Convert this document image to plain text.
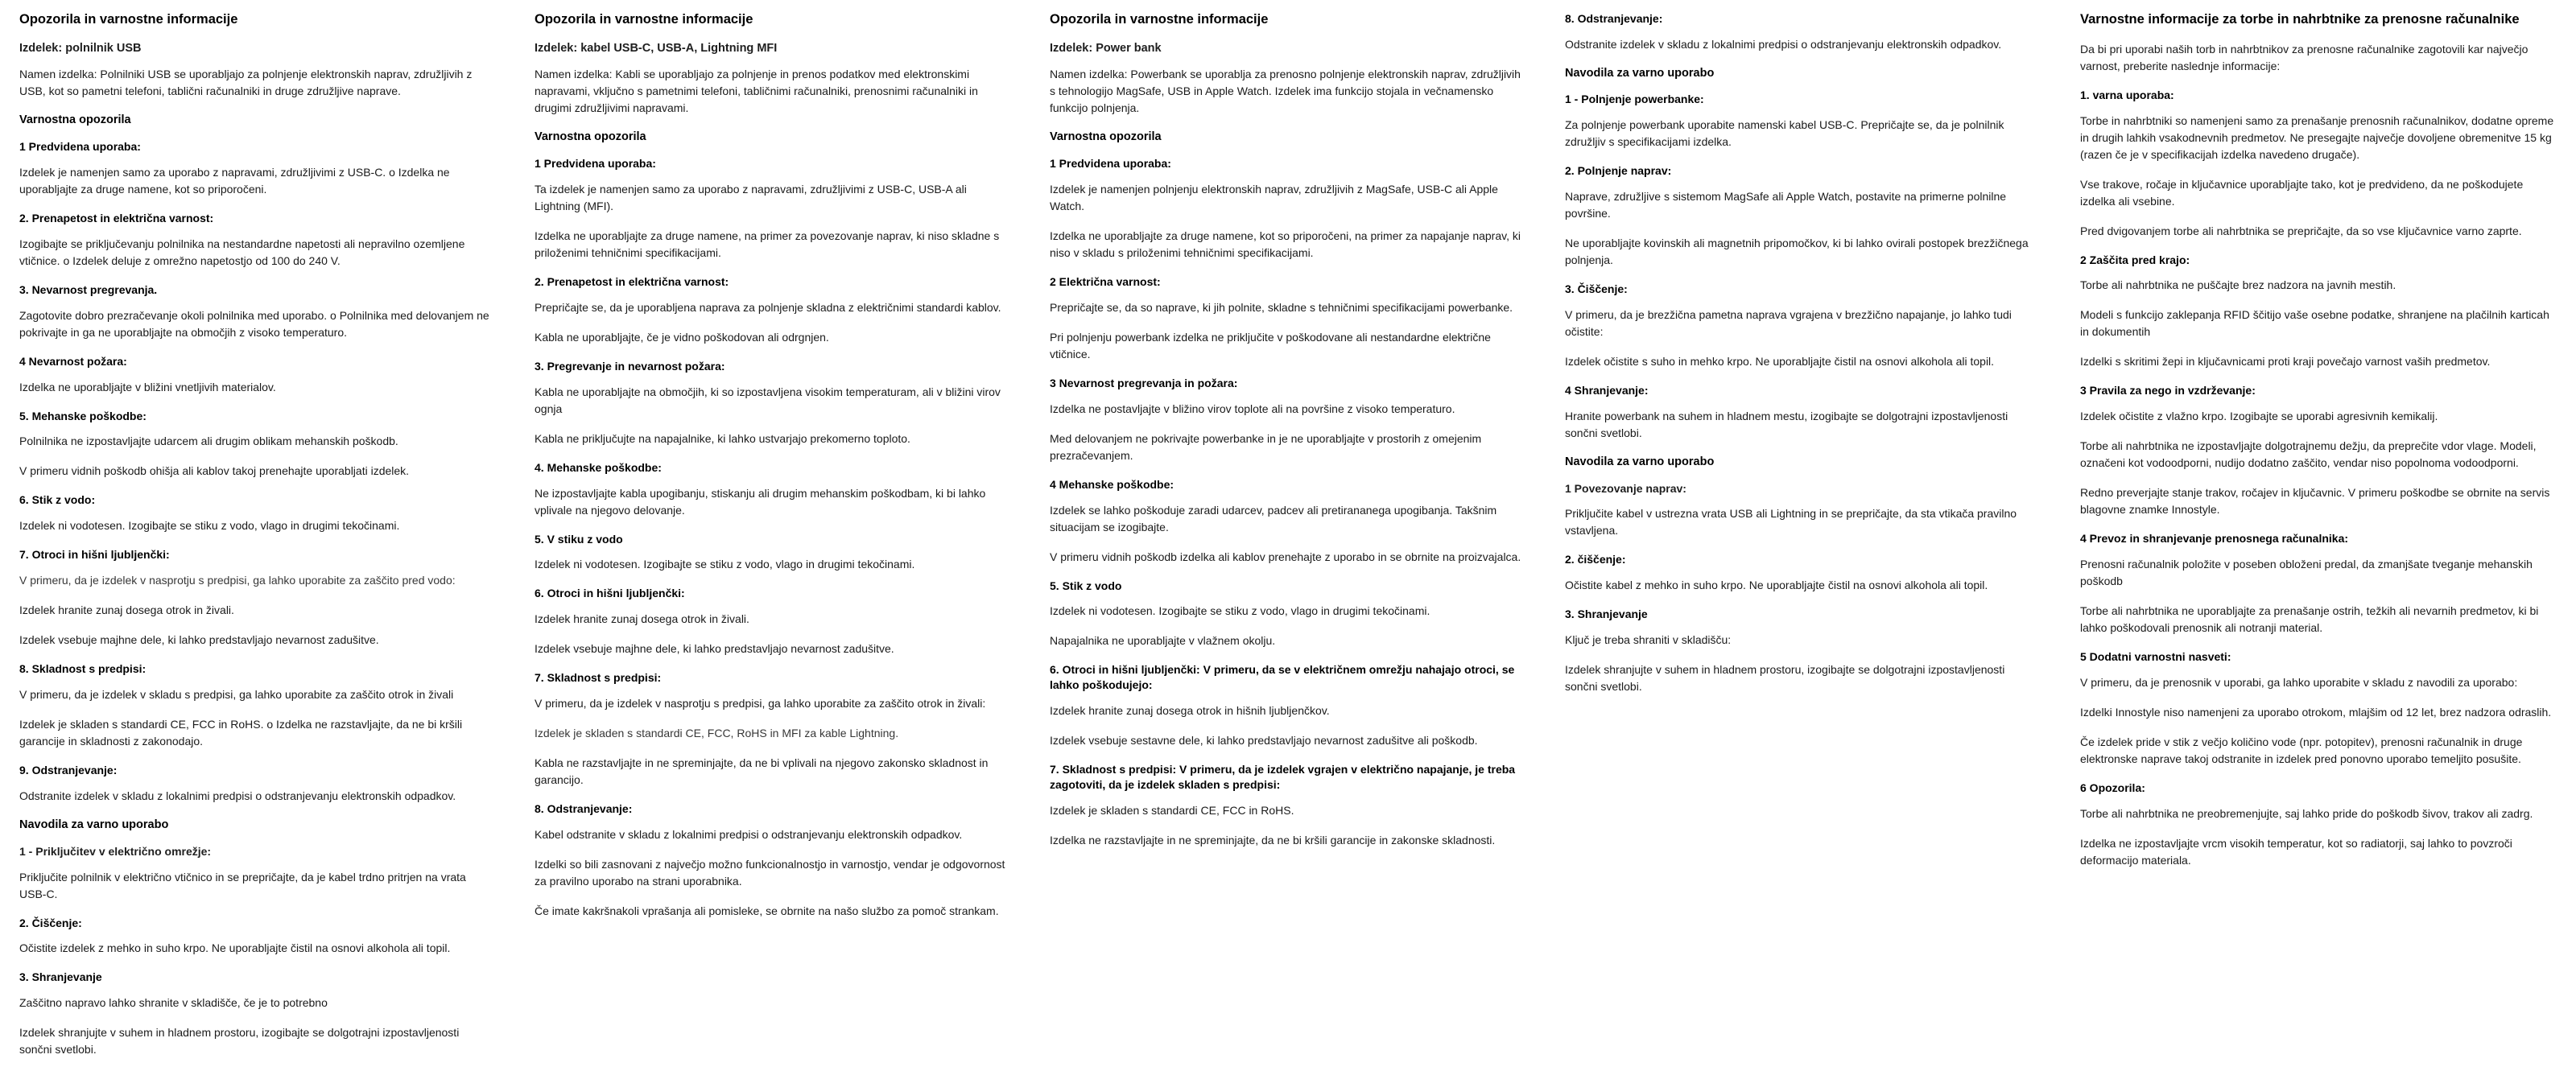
Opozorila in varnostne informacije
Izdelek: polnilnik USB

Namen izdelka: Polnilniki USB se uporabljajo za polnjenje elektronskih naprav, združljivih z USB, kot so pametni telefoni, tablični računalniki in druge združljive naprave.

Varnostna opozorila
1 Predvidena uporaba:

Izdelek je namenjen samo za uporabo z napravami, združljivimi z USB-C. o Izdelka ne uporabljajte za druge namene, kot so priporočeni.

2. Prenapetost in električna varnost:

Izogibajte se priključevanju polnilnika na nestandardne napetosti ali nepravilno ozemljene vtičnice. o Izdelek deluje z omrežno napetostjo od 100 do 240 V.

3. Nevarnost pregrevanja.

Zagotovite dobro prezračevanje okoli polnilnika med uporabo. o Polnilnika med delovanjem ne pokrivajte in ga ne uporabljajte na območjih z visoko temperaturo.

4 Nevarnost požara:

Izdelka ne uporabljajte v bližini vnetljivih materialov.

5. Mehanske poškodbe:

Polnilnika ne izpostavljajte udarcem ali drugim oblikam mehanskih poškodb.

V primeru vidnih poškodb ohišja ali kablov takoj prenehajte uporabljati izdelek.

6. Stik z vodo:

Izdelek ni vodotesen. Izogibajte se stiku z vodo, vlago in drugimi tekočinami.

7. Otroci in hišni ljubljenčki:

V primeru, da je izdelek v nasprotju s predpisi, ga lahko uporabite za zaščito pred vodo:

Izdelek hranite zunaj dosega otrok in živali.

Izdelek vsebuje majhne dele, ki lahko predstavljajo nevarnost zadušitve.

8. Skladnost s predpisi:

V primeru, da je izdelek v skladu s predpisi, ga lahko uporabite za zaščito otrok in živali

Izdelek je skladen s standardi CE, FCC in RoHS. o Izdelka ne razstavljajte, da ne bi kršili garancije in skladnosti z zakonodajo.

9. Odstranjevanje:

Odstranite izdelek v skladu z lokalnimi predpisi o odstranjevanju elektronskih odpadkov.

Navodila za varno uporabo
1 - Priključitev v električno omrežje:

Priključite polnilnik v električno vtičnico in se prepričajte, da je kabel trdno pritrjen na vrata USB-C.

2. Čiščenje:

Očistite izdelek z mehko in suho krpo. Ne uporabljajte čistil na osnovi alkohola ali topil.

3. Shranjevanje

Zaščitno napravo lahko shranite v skladišče, če je to potrebno

Izdelek shranjujte v suhem in hladnem prostoru, izogibajte se dolgotrajni izpostavljenosti sončni svetlobi.

Opozorila in varnostne informacije
Izdelek: kabel USB-C, USB-A, Lightning MFI

Namen izdelka: Kabli se uporabljajo za polnjenje in prenos podatkov med elektronskimi napravami, vključno s pametnimi telefoni, tabličnimi računalniki, prenosnimi računalniki in drugimi združljivimi napravami.

Varnostna opozorila
1 Predvidena uporaba:

Ta izdelek je namenjen samo za uporabo z napravami, združljivimi z USB-C, USB-A ali Lightning (MFI).

Izdelka ne uporabljajte za druge namene, na primer za povezovanje naprav, ki niso skladne s priloženimi tehničnimi specifikacijami.

2. Prenapetost in električna varnost:

Prepričajte se, da je uporabljena naprava za polnjenje skladna z električnimi standardi kablov.

Kabla ne uporabljajte, če je vidno poškodovan ali odrgnjen.

3. Pregrevanje in nevarnost požara:

Kabla ne uporabljajte na območjih, ki so izpostavljena visokim temperaturam, ali v bližini virov ognja

Kabla ne priključujte na napajalnike, ki lahko ustvarjajo prekomerno toploto.

4. Mehanske poškodbe:

Ne izpostavljajte kabla upogibanju, stiskanju ali drugim mehanskim poškodbam, ki bi lahko vplivale na njegovo delovanje.

5. V stiku z vodo

Izdelek ni vodotesen. Izogibajte se stiku z vodo, vlago in drugimi tekočinami.

6. Otroci in hišni ljubljenčki:

Izdelek hranite zunaj dosega otrok in živali.

Izdelek vsebuje majhne dele, ki lahko predstavljajo nevarnost zadušitve.

7. Skladnost s predpisi:

V primeru, da je izdelek v nasprotju s predpisi, ga lahko uporabite za zaščito otrok in živali:

Izdelek je skladen s standardi CE, FCC, RoHS in MFI za kable Lightning.

Kabla ne razstavljajte in ne spreminjajte, da ne bi vplivali na njegovo zakonsko skladnost in garancijo.

8. Odstranjevanje:

Kabel odstranite v skladu z lokalnimi predpisi o odstranjevanju elektronskih odpadkov.

Izdelki so bili zasnovani z največjo možno funkcionalnostjo in varnostjo, vendar je odgovornost za pravilno uporabo na strani uporabnika.

Če imate kakršnakoli vprašanja ali pomisleke, se obrnite na našo službo za pomoč strankam.

Opozorila in varnostne informacije
Izdelek: Power bank

Namen izdelka: Powerbank se uporablja za prenosno polnjenje elektronskih naprav, združljivih s tehnologijo MagSafe, USB in Apple Watch. Izdelek ima funkcijo stojala in večnamensko funkcijo polnjenja.

Varnostna opozorila
1 Predvidena uporaba:

Izdelek je namenjen polnjenju elektronskih naprav, združljivih z MagSafe, USB-C ali Apple Watch.

Izdelka ne uporabljajte za druge namene, kot so priporočeni, na primer za napajanje naprav, ki niso v skladu s priloženimi tehničnimi specifikacijami.

2 Električna varnost:

Prepričajte se, da so naprave, ki jih polnite, skladne s tehničnimi specifikacijami powerbanke.

Pri polnjenju powerbank izdelka ne priključite v poškodovane ali nestandardne električne vtičnice.

3 Nevarnost pregrevanja in požara:

Izdelka ne postavljajte v bližino virov toplote ali na površine z visoko temperaturo.

Med delovanjem ne pokrivajte powerbanke in je ne uporabljajte v prostorih z omejenim prezračevanjem.

4 Mehanske poškodbe:

Izdelek se lahko poškoduje zaradi udarcev, padcev ali pretirananega upogibanja. Takšnim situacijam se izogibajte.

V primeru vidnih poškodb izdelka ali kablov prenehajte z uporabo in se obrnite na proizvajalca.

5. Stik z vodo

Izdelek ni vodotesen. Izogibajte se stiku z vodo, vlago in drugimi tekočinami.

Napajalnika ne uporabljajte v vlažnem okolju.

6. Otroci in hišni ljubljenčki: V primeru, da se v električnem omrežju nahajajo otroci, se lahko poškodujejo:

Izdelek hranite zunaj dosega otrok in hišnih ljubljenčkov.

Izdelek vsebuje sestavne dele, ki lahko predstavljajo nevarnost zadušitve ali poškodb.

7. Skladnost s predpisi: V primeru, da je izdelek vgrajen v električno napajanje, je treba zagotoviti, da je izdelek skladen s predpisi:

Izdelek je skladen s standardi CE, FCC in RoHS.

Izdelka ne razstavljajte in ne spreminjajte, da ne bi kršili garancije in zakonske skladnosti.

8. Odstranjevanje:

Odstranite izdelek v skladu z lokalnimi predpisi o odstranjevanju elektronskih odpadkov.

Navodila za varno uporabo
1 - Polnjenje powerbanke:

Za polnjenje powerbank uporabite namenski kabel USB-C. Prepričajte se, da je polnilnik združljiv s specifikacijami izdelka.

2. Polnjenje naprav:

Naprave, združljive s sistemom MagSafe ali Apple Watch, postavite na primerne polnilne površine.

Ne uporabljajte kovinskih ali magnetnih pripomočkov, ki bi lahko ovirali postopek brezžičnega polnjenja.

3. Čiščenje:

V primeru, da je brezžična pametna naprava vgrajena v brezžično napajanje, jo lahko tudi očistite:

Izdelek očistite s suho in mehko krpo. Ne uporabljajte čistil na osnovi alkohola ali topil.

4 Shranjevanje:

Hranite powerbank na suhem in hladnem mestu, izogibajte se dolgotrajni izpostavljenosti sončni svetlobi.

Navodila za varno uporabo
1 Povezovanje naprav:

Priključite kabel v ustrezna vrata USB ali Lightning in se prepričajte, da sta vtikača pravilno vstavljena.

2. čiščenje:

Očistite kabel z mehko in suho krpo. Ne uporabljajte čistil na osnovi alkohola ali topil.

3. Shranjevanje

Ključ je treba shraniti v skladišču:

Izdelek shranjujte v suhem in hladnem prostoru, izogibajte se dolgotrajni izpostavljenosti sončni svetlobi.

Varnostne informacije za torbe in nahrbtnike za prenosne računalnike

Da bi pri uporabi naših torb in nahrbtnikov za prenosne računalnike zagotovili kar največjo varnost, preberite naslednje informacije:

1. varna uporaba:

Torbe in nahrbtniki so namenjeni samo za prenašanje prenosnih računalnikov, dodatne opreme in drugih lahkih vsakodnevnih predmetov. Ne presegajte največje dovoljene obremenitve 15 kg (razen če je v specifikacijah izdelka navedeno drugače).

Vse trakove, ročaje in ključavnice uporabljajte tako, kot je predvideno, da ne poškodujete izdelka ali vsebine.

Pred dvigovanjem torbe ali nahrbtnika se prepričajte, da so vse ključavnice varno zaprte.

2 Zaščita pred krajo:

Torbe ali nahrbtnika ne puščajte brez nadzora na javnih mestih.

Modeli s funkcijo zaklepanja RFID ščitijo vaše osebne podatke, shranjene na plačilnih karticah in dokumentih

Izdelki s skritimi žepi in ključavnicami proti kraji povečajo varnost vaših predmetov.

3 Pravila za nego in vzdrževanje:

Izdelek očistite z vlažno krpo. Izogibajte se uporabi agresivnih kemikalij.

Torbe ali nahrbtnika ne izpostavljajte dolgotrajnemu dežju, da preprečite vdor vlage. Modeli, označeni kot vodoodporni, nudijo dodatno zaščito, vendar niso popolnoma vodoodporni.

Redno preverjajte stanje trakov, ročajev in ključavnic. V primeru poškodbe se obrnite na servis blagovne znamke Innostyle.

4 Prevoz in shranjevanje prenosnega računalnika:

Prenosni računalnik položite v poseben obloženi predal, da zmanjšate tveganje mehanskih poškodb

Torbe ali nahrbtnika ne uporabljajte za prenašanje ostrih, težkih ali nevarnih predmetov, ki bi lahko poškodovali prenosnik ali notranji material.

5 Dodatni varnostni nasveti:

V primeru, da je prenosnik v uporabi, ga lahko uporabite v skladu z navodili za uporabo:

Izdelki Innostyle niso namenjeni za uporabo otrokom, mlajšim od 12 let, brez nadzora odraslih.

Če izdelek pride v stik z večjo količino vode (npr. potopitev), prenosni računalnik in druge elektronske naprave takoj odstranite in izdelek pred ponovno uporabo temeljito posušite.

6 Opozorila:

Torbe ali nahrbtnika ne preobremenjujte, saj lahko pride do poškodb šivov, trakov ali zadrg.

Izdelka ne izpostavljajte vrcm visokih temperatur, kot so radiatorji, saj lahko to povzroči deformacijo materiala.
